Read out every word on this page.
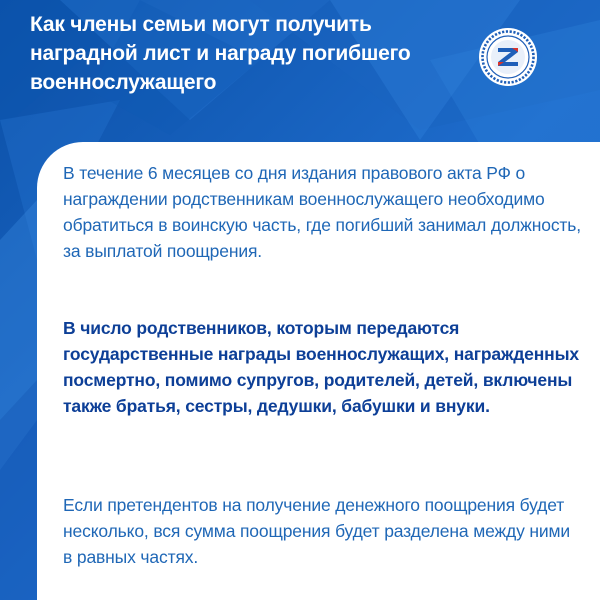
Как члены семьи могут получить наградной лист и награду погибшего военнослужащего
Z

В течение 6 месяцев со дня издания правового акта РФ о награждении родственникам военнослужащего необходимо обратиться в воинскую часть, где погибший занимал должность, за выплатой поощрения.

В число родственников, которым передаются государственные награды военнослужащих, награжденных посмертно, помимо супругов, родителей, детей, включены также братья, сестры, дедушки, бабушки и внуки.

Если претендентов на получение денежного поощрения будет несколько, вся сумма поощрения будет разделена между ними в равных частях.
